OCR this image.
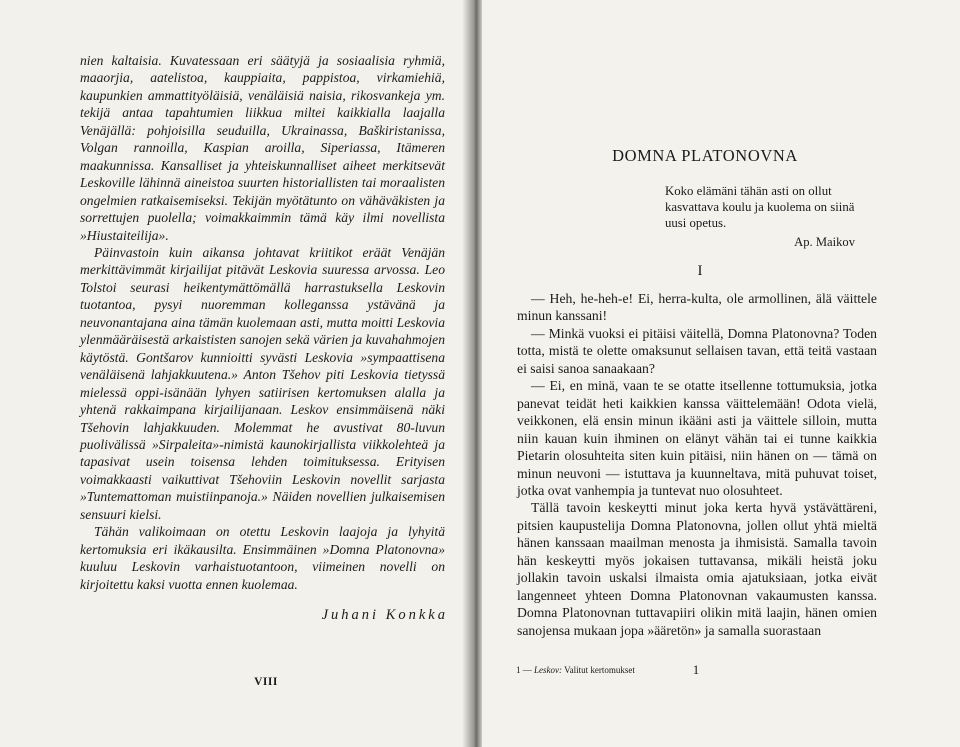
nien kaltaisia. Kuvatessaan eri säätyjä ja sosiaalisia ryhmiä, maaorjia, aatelistoa, kauppiaita, pappistoa, virkamiehiä, kaupunkien ammattityöläisiä, venäläisiä naisia, rikosvankeja ym. tekijä antaa tapahtumien liikkua miltei kaikkialla laajalla Venäjällä: pohjoisilla seuduilla, Ukrainassa, Baškiristanissa, Volgan rannoilla, Kaspian aroilla, Siperiassa, Itämeren maakunnissa. Kansalliset ja yhteiskunnalliset aiheet merkitsevät Leskoville lähinnä aineistoa suurten historiallisten tai moraalisten ongelmien ratkaisemiseksi. Tekijän myötätunto on vähäväkisten ja sorrettujen puolella; voimakkaimmin tämä käy ilmi novellista »Hiustaiteilija».

Päinvastoin kuin aikansa johtavat kriitikot eräät Venäjän merkittävimmät kirjailijat pitävät Leskovia suuressa arvossa. Leo Tolstoi seurasi heikentymättömällä harrastuksella Leskovin tuotantoa, pysyi nuoremman kolleganssa ystävänä ja neuvonantajana aina tämän kuolemaan asti, mutta moitti Leskovia ylenmääräisestä arkaististen sanojen sekä värien ja kuvahahmojen käytöstä. Gontšarov kunnioitti syvästi Leskovia »sympaattisena venäläisenä lahjakkuutena.» Anton Tšehov piti Leskovia tietyssä mielessä oppi-isänään lyhyen satiirisen kertomuksen alalla ja yhtenä rakkaimpana kirjailijanaan. Leskov ensimmäisenä näki Tšehovin lahjakkuuden. Molemmat he avustivat 80-luvun puolivälissä »Sirpaleita»-nimistä kaunokirjallista viikkolehteä ja tapasivat usein toisensa lehden toimituksessa. Erityisen voimakkaasti vaikuttivat Tšehoviin Leskovin novellit sarjasta »Tuntemattoman muistiinpanoja.» Näiden novellien julkaisemisen sensuuri kielsi.

Tähän valikoimaan on otettu Leskovin laajoja ja lyhyitä kertomuksia eri ikäkausilta. Ensimmäinen »Domna Platonovna» kuuluu Leskovin varhaistuotantoon, viimeinen novelli on kirjoitettu kaksi vuotta ennen kuolemaa.

Juhani Konkka
VIII
DOMNA PLATONOVNA
Koko elämäni tähän asti on ollut kasvattava koulu ja kuolema on siinä uusi opetus.
Ap. Maikov
I

— Heh, he-heh-e! Ei, herra-kulta, ole armollinen, älä väittele minun kanssani!

— Minkä vuoksi ei pitäisi väitellä, Domna Platonovna? Toden totta, mistä te olette omaksunut sellaisen tavan, että teitä vastaan ei saisi sanoa sanaakaan?

— Ei, en minä, vaan te se otatte itsellenne tottumuksia, jotka panevat teidät heti kaikkien kanssa väittelemään! Odota vielä, veikkonen, elä ensin minun ikääni asti ja väittele silloin, mutta niin kauan kuin ihminen on elänyt vähän tai ei tunne kaikkia Pietarin olosuhteita siten kuin pitäisi, niin hänen on — tämä on minun neuvoni — istuttava ja kuunneltava, mitä puhuvat toiset, jotka ovat vanhempia ja tuntevat nuo olosuhteet.

Tällä tavoin keskeytti minut joka kerta hyvä ystävättäreni, pitsien kaupustelija Domna Platonovna, jollen ollut yhtä mieltä hänen kanssaan maailman menosta ja ihmisistä. Samalla tavoin hän keskeytti myös jokaisen tuttavansa, mikäli heistä joku jollakin tavoin uskalsi ilmaista omia ajatuksiaan, jotka eivät langenneet yhteen Domna Platonovnan vakaumusten kanssa. Domna Platonovnan tuttavapiiri olikin mitä laajin, hänen omien sanojensa mukaan jopa »ääretön» ja samalla suorastaan

1 — Leskov: Valitut kertomukset	1
